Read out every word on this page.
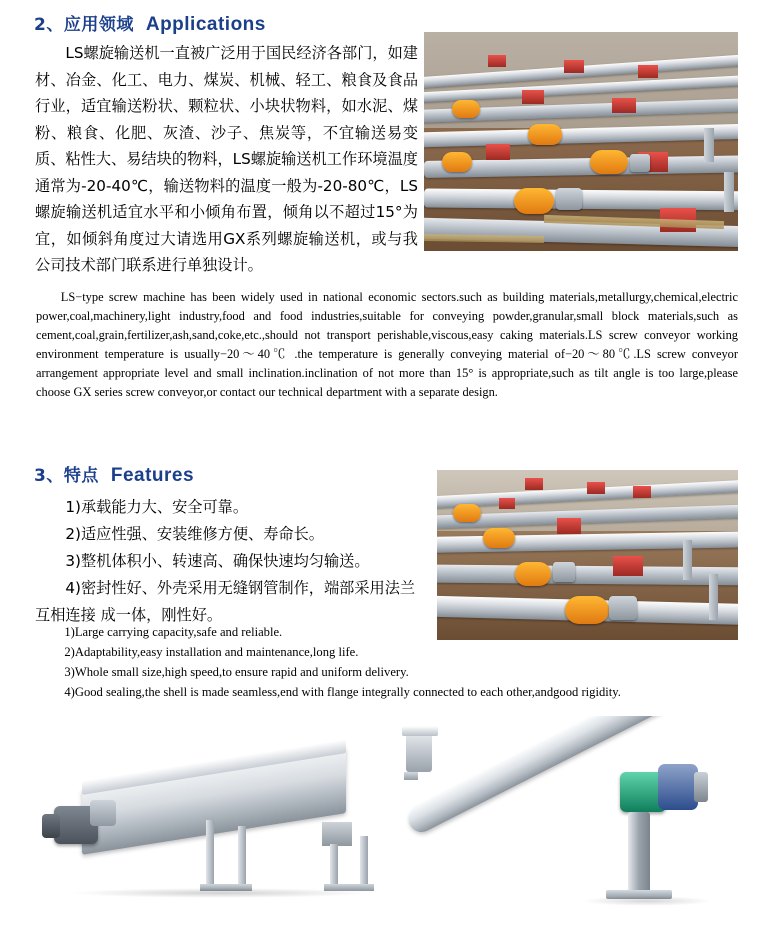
2、应用领域 Applications
LS螺旋输送机一直被广泛用于国民经济各部门，如建材、冶金、化工、电力、煤炭、机械、轻工、粮食及食品行业，适宜输送粉状、颗粒状、小块状物料，如水泥、煤粉、粮食、化肥、灰渣、沙子、焦炭等，不宜输送易变质、粘性大、易结块的物料，LS螺旋输送机工作环境温度通常为-20-40℃，输送物料的温度一般为-20-80℃，LS螺旋输送机适宜水平和小倾角布置，倾角以不超过15°为宜，如倾斜角度过大请选用GX系列螺旋输送机，或与我公司技术部门联系进行单独设计。
LS−type screw machine has been widely used in national economic sectors.such as building materials,metallurgy,chemical,electric power,coal,machinery,light industry,food and food industries,suitable for conveying powder,granular,small block materials,such as cement,coal,grain,fertilizer,ash,sand,coke,etc.,should not transport perishable,viscous,easy caking materials.LS screw conveyor working environment temperature is usually−20～40℃ .the temperature is generally conveying material of−20～80℃.LS screw conveyor arrangement appropriate level and small inclination.inclination of not more than 15° is appropriate,such as tilt angle is too large,please choose GX series screw conveyor,or contact our technical department with a separate design.
3、特点 Features
1)承载能力大、安全可靠。
2)适应性强、安装维修方便、寿命长。
3)整机体积小、转速高、确保快速均匀输送。
4)密封性好、外壳采用无缝钢管制作，端部采用法兰
互相连接 成一体，刚性好。
1)Large carrying capacity,safe and reliable.
2)Adaptability,easy installation and maintenance,long life.
3)Whole small size,high speed,to ensure rapid and uniform delivery.
4)Good sealing,the shell is made seamless,end with flange integrally connected to each other,andgood rigidity.
